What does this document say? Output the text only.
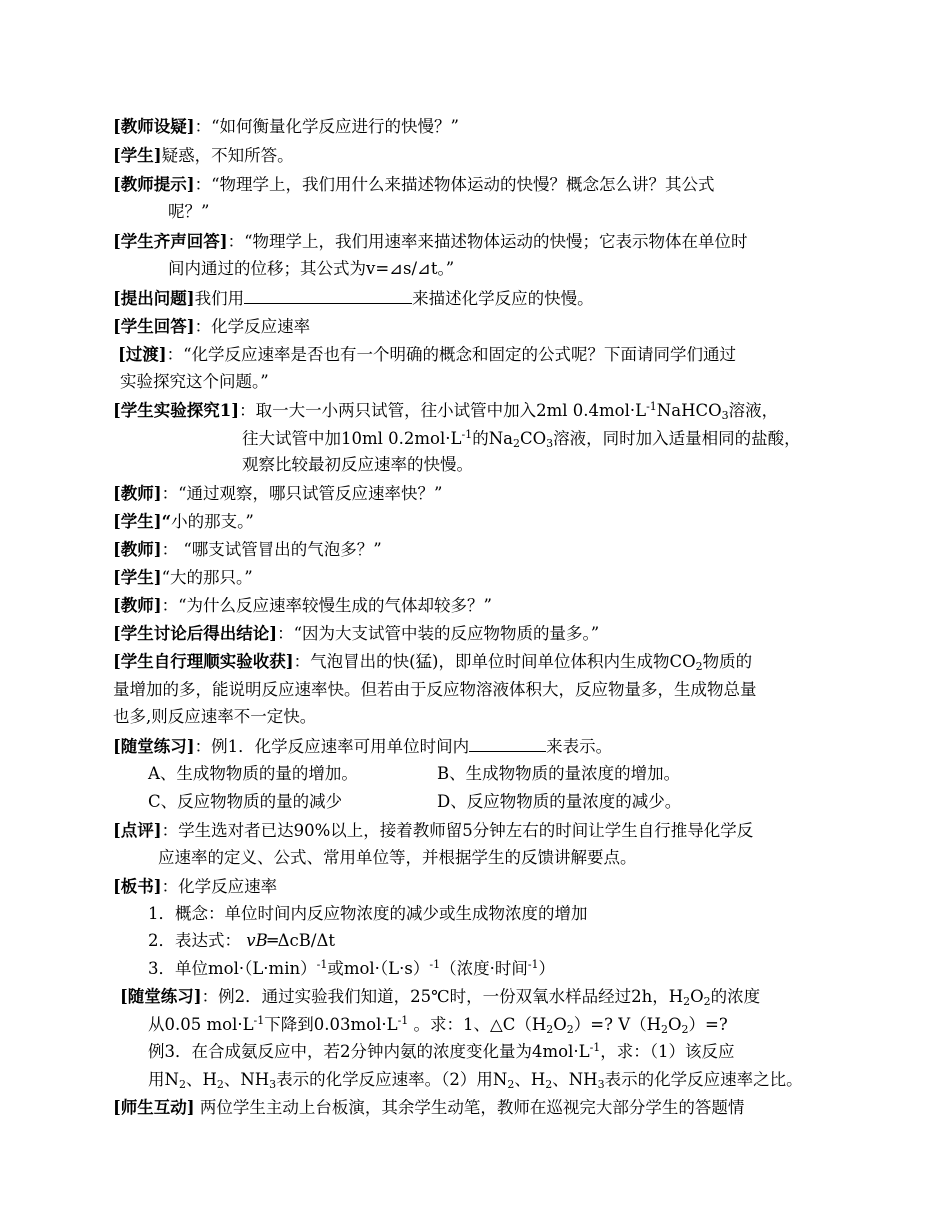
[教师设疑]：“如何衡量化学反应进行的快慢？”
[学生]疑惑，不知所答。
[教师提示]：“物理学上，我们用什么来描述物体运动的快慢？概念怎么讲？其公式
呢？”
[学生齐声回答]：“物理学上，我们用速率来描述物体运动的快慢；它表示物体在单位时
间内通过的位移；其公式为v=⊿s/⊿t。”
[提出问题]我们用	来描述化学反应的快慢。
[学生回答]：化学反应速率
[过渡]：“化学反应速率是否也有一个明确的概念和固定的公式呢？下面请同学们通过
实验探究这个问题。”
[学生实验探究1]：取一大一小两只试管，往小试管中加入2ml $0.4mol\cdot L^{-1}NaHCO_3$溶液，
往大试管中加10ml $0.2mol\cdot L^{-1}$的$Na_2CO_3$溶液，同时加入适量相同的盐酸，
观察比较最初反应速率的快慢。
[教师]：“通过观察，哪只试管反应速率快？”
[学生]“小的那支。”
[教师]： “哪支试管冒出的气泡多？”
[学生]“大的那只。”
[教师]：“为什么反应速率较慢生成的气体却较多？”
[学生讨论后得出结论]：“因为大支试管中装的反应物物质的量多。”
[学生自行理顺实验收获]：气泡冒出的快(猛)，即单位时间单位体积内生成物$CO_2$物质的
量增加的多，能说明反应速率快。但若由于反应物溶液体积大，反应物量多，生成物总量
也多,则反应速率不一定快。
[随堂练习]：例1．化学反应速率可用单位时间内	来表示。
A、生成物物质的量的增加。	B、生成物物质的量浓度的增加。
C、反应物物质的量的减少	D、反应物物质的量浓度的减少。
[点评]：学生选对者已达90%以上，接着教师留5分钟左右的时间让学生自行推导化学反
应速率的定义、公式、常用单位等，并根据学生的反馈讲解要点。
[板书]：化学反应速率
1．概念：单位时间内反应物浓度的减少或生成物浓度的增加
2．表达式： vB═ΔcB/Δt
3．单位$mol\cdot(L\cdot\min)^{-1}$或$mol\cdot(L\cdot s)^{-1}$（浓度·时间$^{-1}$）
[随堂练习]：例2．通过实验我们知道，25℃时，一份双氧水样品经过2h，$H_2O_2$的浓度
从0.05 $mol\cdot L^{-1}$下降到$0.03mol\cdot L^{-1}$ 。求：1、$\triangle C(H_2O_2)=$? $V(H_2O_2)=$?
例3．在合成氨反应中，若2分钟内氨的浓度变化量为$4mol\cdot L^{-1}$，求：（1）该反应
用$N_2$、$H_2$、$NH_3$表示的化学反应速率。（2）用$N_2$、$H_2$、$NH_3$表示的化学反应速率之比。
[师生互动] 两位学生主动上台板演，其余学生动笔，教师在巡视完大部分学生的答题情
